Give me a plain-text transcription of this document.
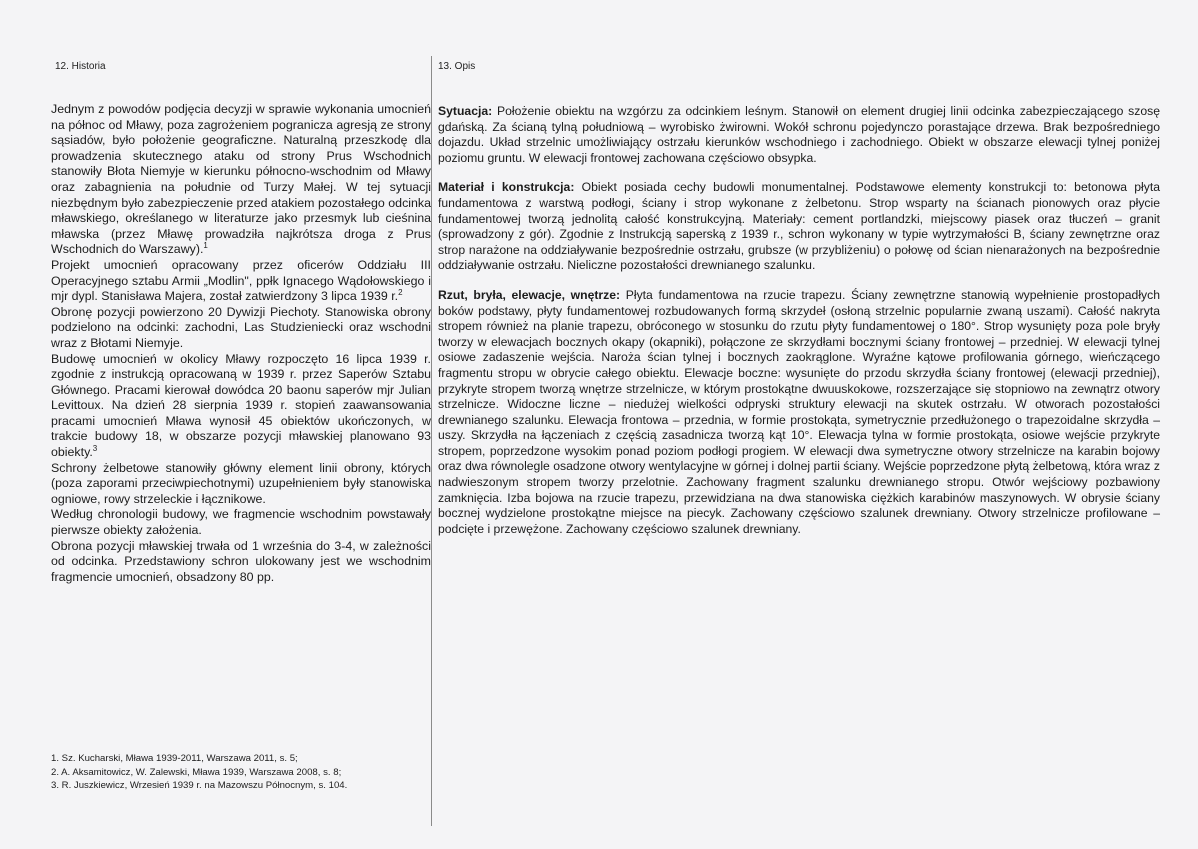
12. Historia

Jednym z powodów podjęcia decyzji w sprawie wykonania umocnień na północ od Mławy, poza zagrożeniem pogranicza agresją ze strony sąsiadów, było położenie geograficzne. Naturalną przeszkodę dla prowadzenia skutecznego ataku od strony Prus Wschodnich stanowiły Błota Niemyje w kierunku północno-wschodnim od Mławy oraz zabagnienia na południe od Turzy Małej. W tej sytuacji niezbędnym było zabezpieczenie przed atakiem pozostałego odcinka mławskiego, określanego w literaturze jako przesmyk lub cieśnina mławska (przez Mławę prowadziła najkrótsza droga z Prus Wschodnich do Warszawy).$^1$

Projekt umocnień opracowany przez oficerów Oddziału III Operacyjnego sztabu Armii „Modlin", ppłk Ignacego Wądołowskiego i mjr dypl. Stanisława Majera, został zatwierdzony 3 lipca 1939 r.$^2$

Obronę pozycji powierzono 20 Dywizji Piechoty. Stanowiska obrony podzielono na odcinki: zachodni, Las Studzieniecki oraz wschodni wraz z Błotami Niemyje.

Budowę umocnień w okolicy Mławy rozpoczęto 16 lipca 1939 r. zgodnie z instrukcją opracowaną w 1939 r. przez Saperów Sztabu Głównego. Pracami kierował dowódca 20 baonu saperów mjr Julian Levittoux. Na dzień 28 sierpnia 1939 r. stopień zaawansowania pracami umocnień Mława wynosił 45 obiektów ukończonych, w trakcie budowy 18, w obszarze pozycji mławskiej planowano 93 obiekty.$^3$

Schrony żelbetowe stanowiły główny element linii obrony, których (poza zaporami przeciwpiechotnymi) uzupełnieniem były stanowiska ogniowe, rowy strzeleckie i łącznikowe.

Według chronologii budowy, we fragmencie wschodnim powstawały pierwsze obiekty założenia.

Obrona pozycji mławskiej trwała od 1 września do 3-4, w zależności od odcinka. Przedstawiony schron ulokowany jest we wschodnim fragmencie umocnień, obsadzony 80 pp.

1. Sz. Kucharski, Mława 1939-2011, Warszawa 2011, s. 5;
2. A. Aksamitowicz, W. Zalewski, Mława 1939, Warszawa 2008, s. 8;
3. R. Juszkiewicz, Wrzesień 1939 r. na Mazowszu Północnym, s. 104.
13. Opis

Sytuacja: Położenie obiektu na wzgórzu za odcinkiem leśnym. Stanowił on element drugiej linii odcinka zabezpieczającego szosę gdańską. Za ścianą tylną południową – wyrobisko żwirowni. Wokół schronu pojedynczo porastające drzewa. Brak bezpośredniego dojazdu. Układ strzelnic umożliwiający ostrzału kierunków wschodniego i zachodniego. Obiekt w obszarze elewacji tylnej poniżej poziomu gruntu. W elewacji frontowej zachowana częściowo obsypka.

Materiał i konstrukcja: Obiekt posiada cechy budowli monumentalnej. Podstawowe elementy konstrukcji to: betonowa płyta fundamentowa z warstwą podłogi, ściany i strop wykonane z żelbetonu. Strop wsparty na ścianach pionowych oraz płycie fundamentowej tworzą jednolitą całość konstrukcyjną. Materiały: cement portlandzki, miejscowy piasek oraz tłuczeń – granit (sprowadzony z gór). Zgodnie z Instrukcją saperską z 1939 r., schron wykonany w typie wytrzymałości B, ściany zewnętrzne oraz strop narażone na oddziaływanie bezpośrednie ostrzału, grubsze (w przybliżeniu) o połowę od ścian nienarażonych na bezpośrednie oddziaływanie ostrzału. Nieliczne pozostałości drewnianego szalunku.

Rzut, bryła, elewacje, wnętrze: Płyta fundamentowa na rzucie trapezu. Ściany zewnętrzne stanowią wypełnienie prostopadłych boków podstawy, płyty fundamentowej rozbudowanych formą skrzydeł (osłoną strzelnic popularnie zwaną uszami). Całość nakryta stropem również na planie trapezu, obróconego w stosunku do rzutu płyty fundamentowej o 180°. Strop wysunięty poza pole bryły tworzy w elewacjach bocznych okapy (okapniki), połączone ze skrzydłami bocznymi ściany frontowej – przedniej. W elewacji tylnej osiowe zadaszenie wejścia. Naroża ścian tylnej i bocznych zaokrąglone. Wyraźne kątowe profilowania górnego, wieńczącego fragmentu stropu w obrycie całego obiektu. Elewacje boczne: wysunięte do przodu skrzydła ściany frontowej (elewacji przedniej), przykryte stropem tworzą wnętrze strzelnicze, w którym prostokątne dwuuskokowe, rozszerzające się stopniowo na zewnątrz otwory strzelnicze. Widoczne liczne – niedużej wielkości odpryski struktury elewacji na skutek ostrzału. W otworach pozostałości drewnianego szalunku. Elewacja frontowa – przednia, w formie prostokąta, symetrycznie przedłużonego o trapezoidalne skrzydła – uszy. Skrzydła na łączeniach z częścią zasadnicza tworzą kąt 10°. Elewacja tylna w formie prostokąta, osiowe wejście przykryte stropem, poprzedzone wysokim ponad poziom podłogi progiem. W elewacji dwa symetryczne otwory strzelnicze na karabin bojowy oraz dwa równolegle osadzone otwory wentylacyjne w górnej i dolnej partii ściany. Wejście poprzedzone płytą żelbetową, która wraz z nadwieszonym stropem tworzy przelotnie. Zachowany fragment szalunku drewnianego stropu. Otwór wejściowy pozbawiony zamknięcia. Izba bojowa na rzucie trapezu, przewidziana na dwa stanowiska ciężkich karabinów maszynowych. W obrysie ściany bocznej wydzielone prostokątne miejsce na piecyk. Zachowany częściowo szalunek drewniany. Otwory strzelnicze profilowane – podcięte i przewężone. Zachowany częściowo szalunek drewniany.
